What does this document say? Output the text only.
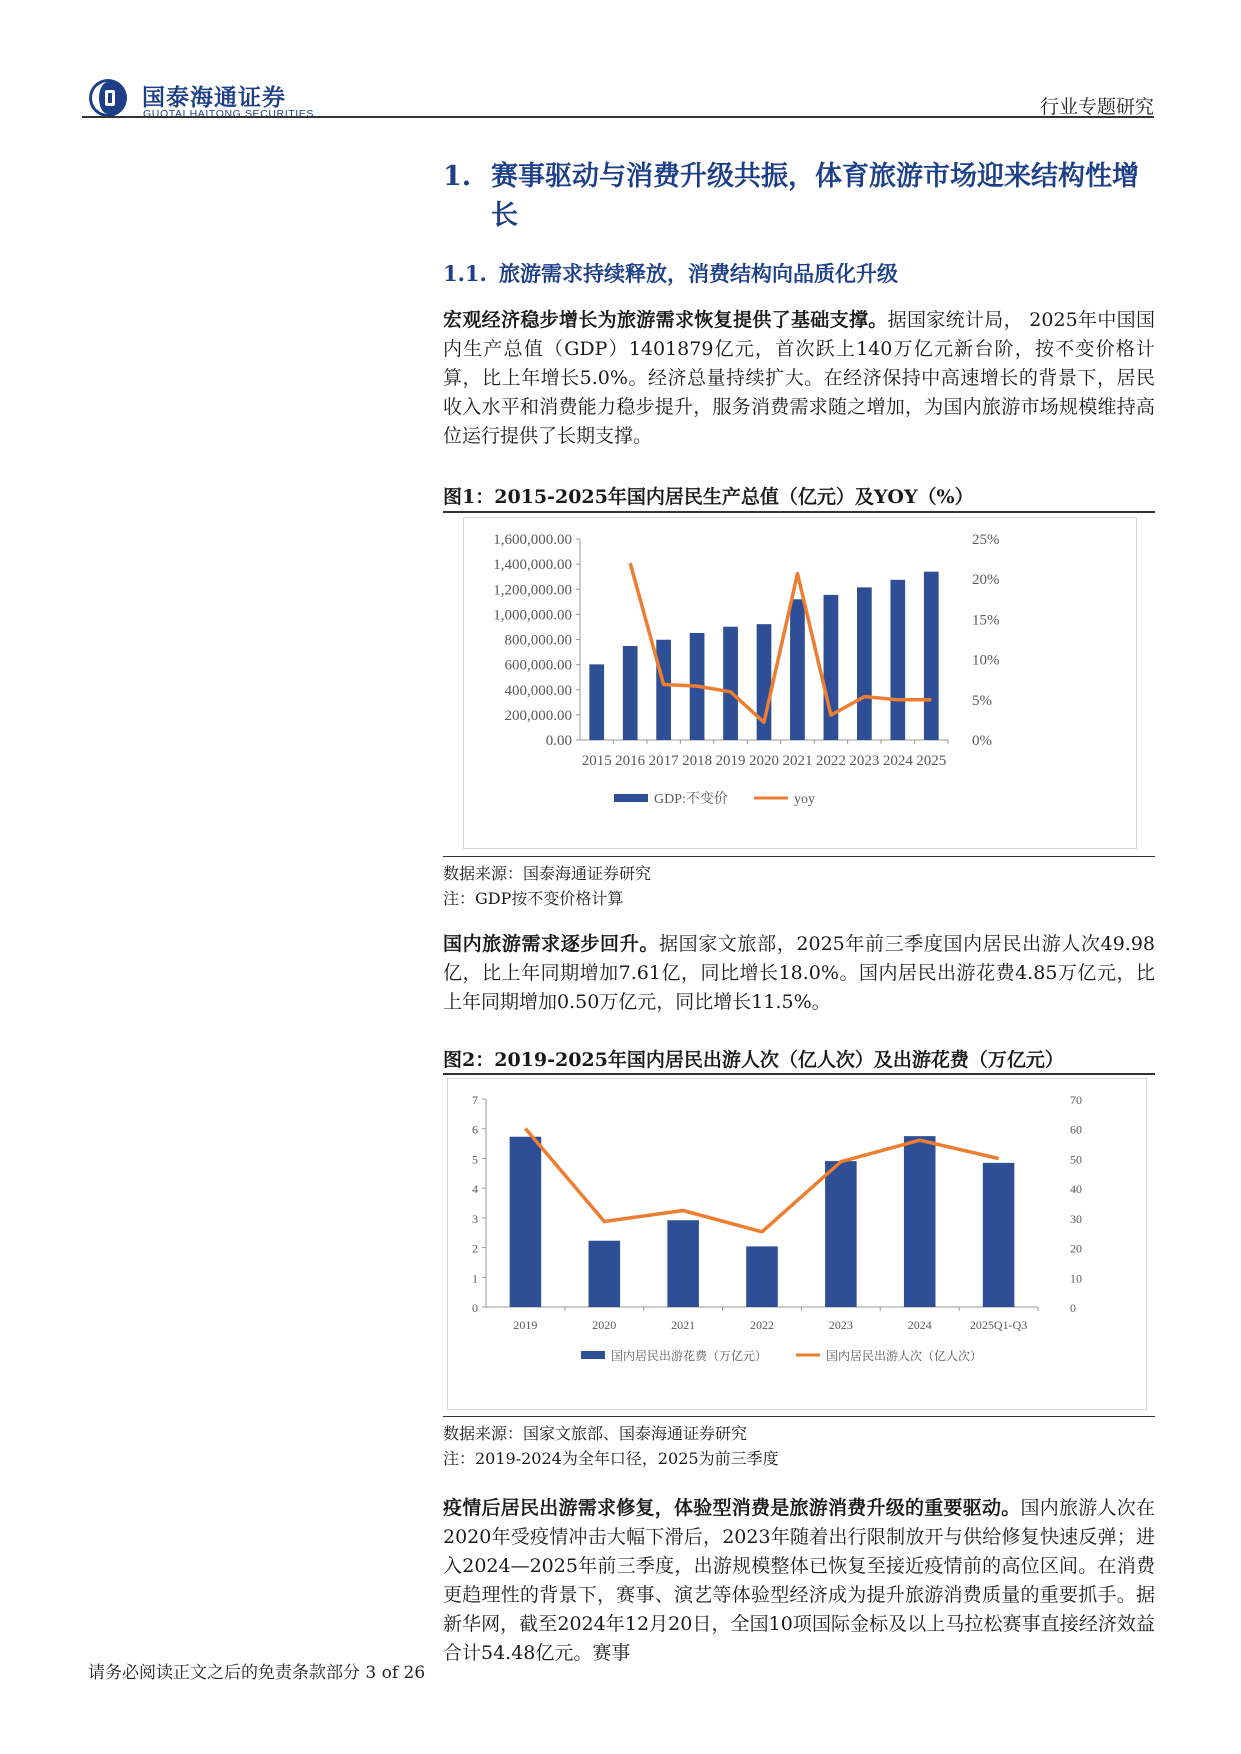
国泰海通证券
GUOTAI HAITONG SECURITIES	行业专题研究
1. 赛事驱动与消费升级共振，体育旅游市场迎来结构性增长
1.1. 旅游需求持续释放，消费结构向品质化升级
宏观经济稳步增长为旅游需求恢复提供了基础支撑。据国家统计局， 2025年中国国内生产总值（GDP）1401879亿元，首次跃上140万亿元新台阶，按不变价格计算，比上年增长5.0%。经济总量持续扩大。在经济保持中高速增长的背景下，居民收入水平和消费能力稳步提升，服务消费需求随之增加，为国内旅游市场规模维持高位运行提供了长期支撑。
图1：2015-2025年国内居民生产总值（亿元）及YOY（%）
0.00
200,000.00
400,000.00
600,000.00
800,000.00
1,000,000.00
1,200,000.00
1,400,000.00
1,600,000.00
0%
5%
10%
15%
20%
25%
2015 2016 2017 2018 2019 2020 2021 2022 2023 2024 2025
GDP:不变价	yoy
数据来源：国泰海通证券研究
注：GDP按不变价格计算
国内旅游需求逐步回升。据国家文旅部，2025年前三季度国内居民出游人次49.98亿，比上年同期增加7.61亿，同比增长18.0%。国内居民出游花费4.85万亿元，比上年同期增加0.50万亿元，同比增长11.5%。
图2：2019-2025年国内居民出游人次（亿人次）及出游花费（万亿元）
0
1
2
3
4
5
6
7
0
10
20
30
40
50
60
70
2019	2020	2021	2022	2023	2024	2025Q1-Q3
国内居民出游花费（万亿元）	国内居民出游人次（亿人次）
数据来源：国家文旅部、国泰海通证券研究
注：2019-2024为全年口径，2025为前三季度
疫情后居民出游需求修复，体验型消费是旅游消费升级的重要驱动。国内旅游人次在2020年受疫情冲击大幅下滑后，2023年随着出行限制放开与供给修复快速反弹；进入2024—2025年前三季度，出游规模整体已恢复至接近疫情前的高位区间。在消费更趋理性的背景下，赛事、演艺等体验型经济成为提升旅游消费质量的重要抓手。据新华网，截至2024年12月20日，全国10项国际金标及以上马拉松赛事直接经济效益合计54.48亿元。赛事
请务必阅读正文之后的免责条款部分 3 of 26
